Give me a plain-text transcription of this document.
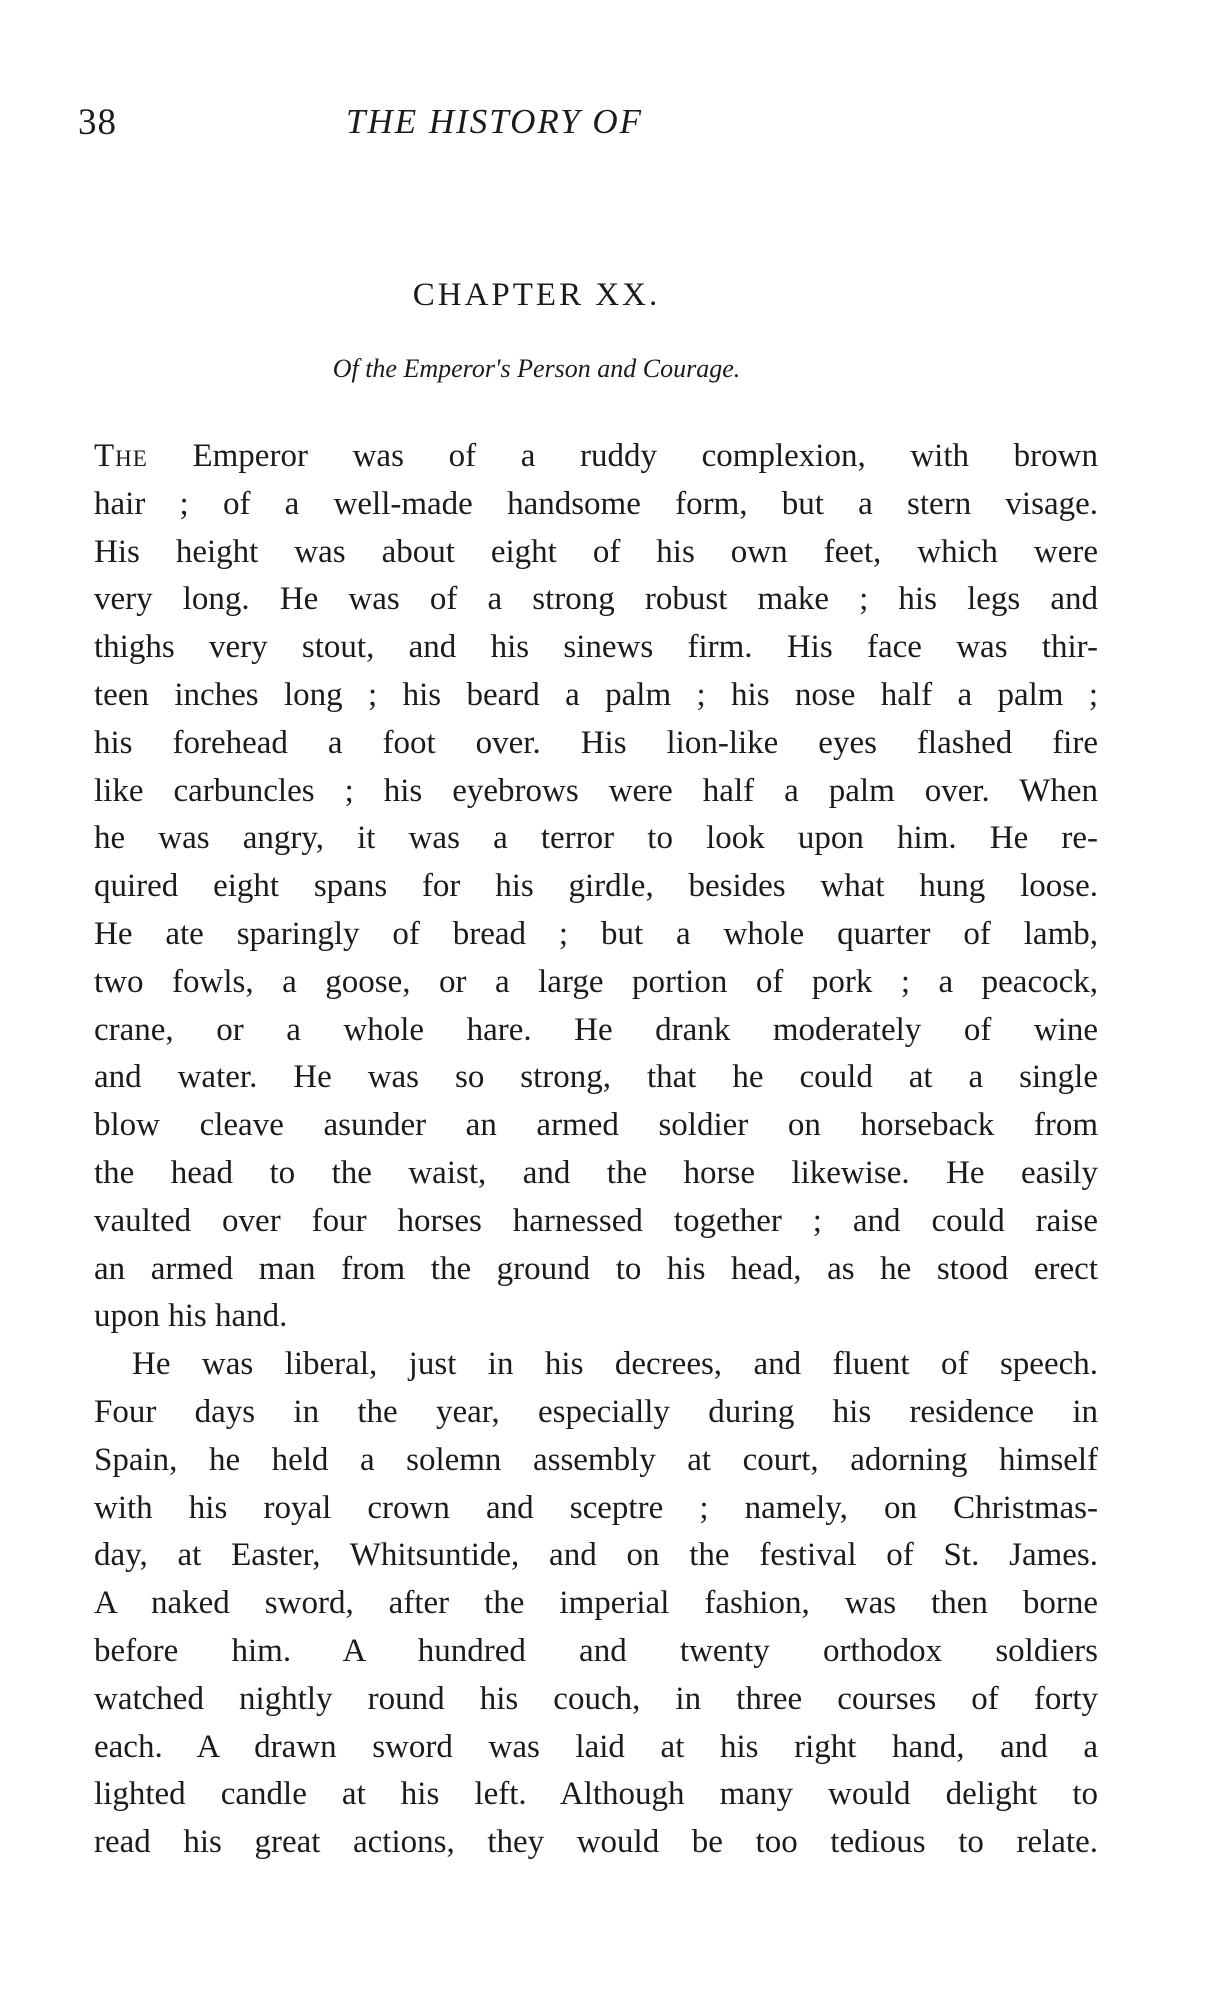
38	THE HISTORY OF
CHAPTER XX.
Of the Emperor's Person and Courage.
The Emperor was of a ruddy complexion, with brown
hair ; of a well-made handsome form, but a stern visage.
His height was about eight of his own feet, which were
very long. He was of a strong robust make ; his legs and
thighs very stout, and his sinews firm. His face was thir-
teen inches long ; his beard a palm ; his nose half a palm ;
his forehead a foot over. His lion-like eyes flashed fire
like carbuncles ; his eyebrows were half a palm over. When
he was angry, it was a terror to look upon him. He re-
quired eight spans for his girdle, besides what hung loose.
He ate sparingly of bread ; but a whole quarter of lamb,
two fowls, a goose, or a large portion of pork ; a peacock,
crane, or a whole hare. He drank moderately of wine
and water. He was so strong, that he could at a single
blow cleave asunder an armed soldier on horseback from
the head to the waist, and the horse likewise. He easily
vaulted over four horses harnessed together ; and could raise
an armed man from the ground to his head, as he stood erect
upon his hand.
He was liberal, just in his decrees, and fluent of speech.
Four days in the year, especially during his residence in
Spain, he held a solemn assembly at court, adorning himself
with his royal crown and sceptre ; namely, on Christmas-
day, at Easter, Whitsuntide, and on the festival of St. James.
A naked sword, after the imperial fashion, was then borne
before him. A hundred and twenty orthodox soldiers
watched nightly round his couch, in three courses of forty
each. A drawn sword was laid at his right hand, and a
lighted candle at his left. Although many would delight to
read his great actions, they would be too tedious to relate.
